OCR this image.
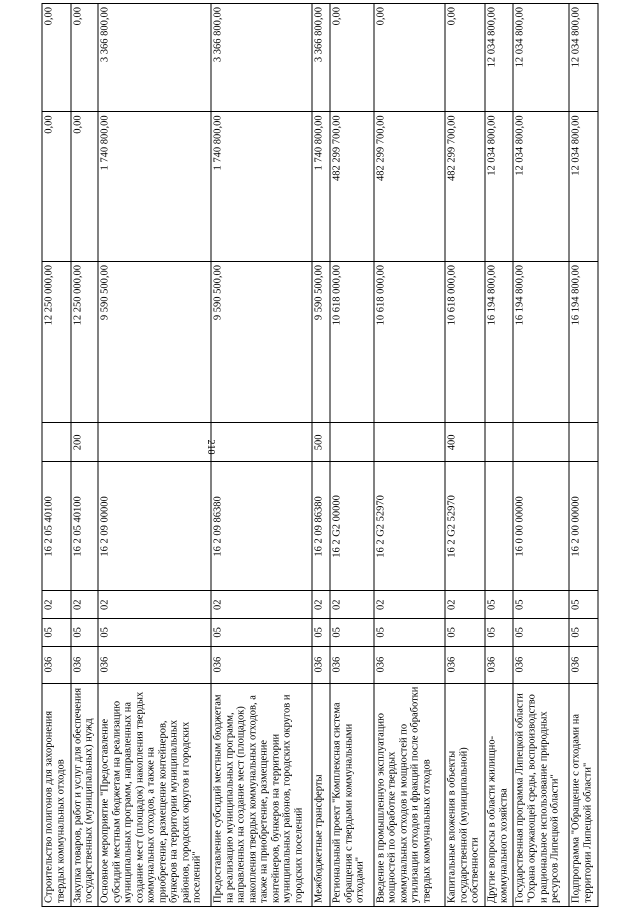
210
Строительство полигонов для захоронения твердых коммунальных отходов	036	05	02	16 2 05 40100		12 250 000,00	0,00	0,00
Закупка товаров, работ и услуг для обеспечения государственных (муниципальных) нужд	036	05	02	16 2 05 40100	200	12 250 000,00	0,00	0,00
Основное мероприятие "Предоставление субсидий местным бюджетам на реализацию муниципальных программ, направленных на создание мест (площадок) накопления твердых коммунальных отходов, а также на приобретение, размещение контейнеров, бункеров на территории муниципальных районов, городских округов и городских поселений"	036	05	02	16 2 09 00000		9 590 500,00	1 740 800,00	3 366 800,00
Предоставление субсидий местным бюджетам на реализацию муниципальных программ, направленных на создание мест (площадок) накопления твердых коммунальных отходов, а также на приобретение, размещение контейнеров, бункеров на территории муниципальных районов, городских округов и городских поселений	036	05	02	16 2 09 86380		9 590 500,00	1 740 800,00	3 366 800,00
Межбюджетные трансферты	036	05	02	16 2 09 86380	500	9 590 500,00	1 740 800,00	3 366 800,00
Региональный проект "Комплексная система обращения с твердыми коммунальными отходами"	036	05	02	16 2 G2 00000		10 618 000,00	482 299 700,00	0,00
Введение в промышленную эксплуатацию мощностей по обработке твердых коммунальных отходов и мощностей по утилизации отходов и фракций после обработки твердых коммунальных отходов	036	05	02	16 2 G2 52970		10 618 000,00	482 299 700,00	0,00
Капитальные вложения в объекты государственной (муниципальной) собственности	036	05	02	16 2 G2 52970	400	10 618 000,00	482 299 700,00	0,00
Другие вопросы в области жилищно-коммунального хозяйства	036	05	05			16 194 800,00	12 034 800,00	12 034 800,00
Государственная программа Липецкой области "Охрана окружающей среды, воспроизводство и рациональное использование природных ресурсов Липецкой области"	036	05	05	16 0 00 00000		16 194 800,00	12 034 800,00	12 034 800,00
Подпрограмма "Обращение с отходами на территории Липецкой области"	036	05	05	16 2 00 00000		16 194 800,00	12 034 800,00	12 034 800,00
